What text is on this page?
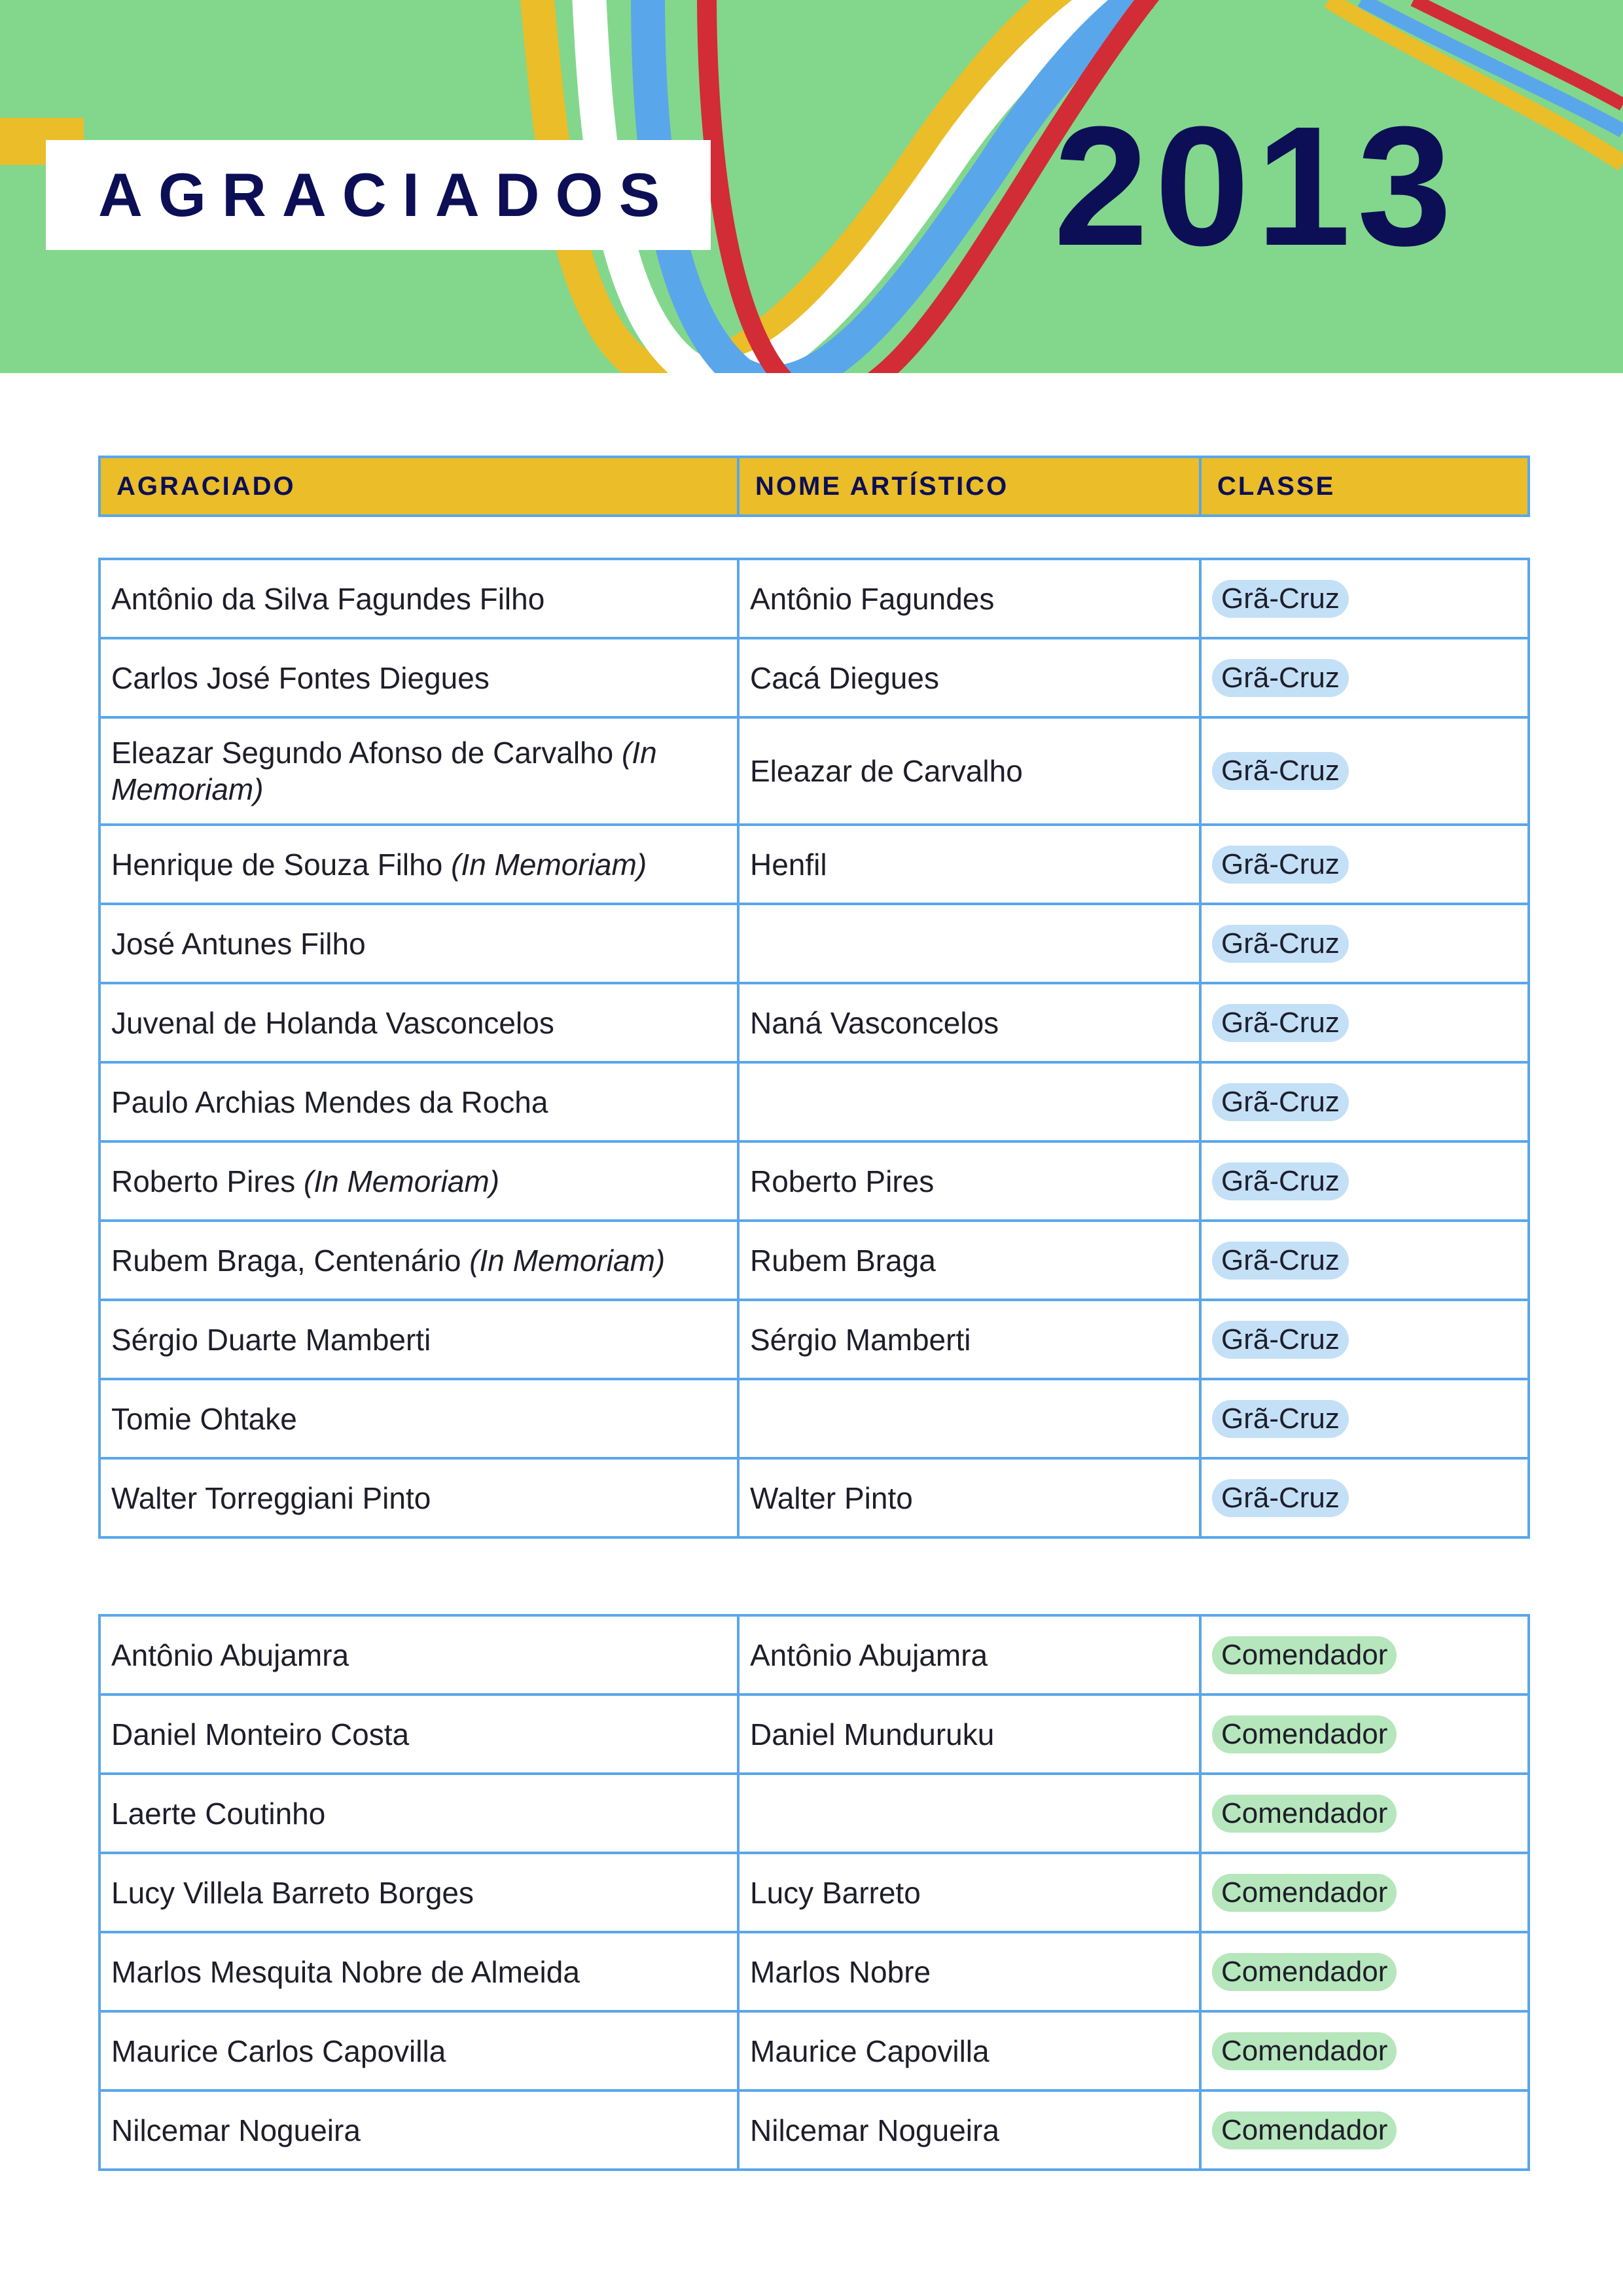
AGRACIADOS 2013
AGRACIADO	NOME ARTÍSTICO	CLASSE
Antônio da Silva Fagundes Filho	Antônio Fagundes	Grã-Cruz
Carlos José Fontes Diegues	Cacá Diegues	Grã-Cruz
Eleazar Segundo Afonso de Carvalho (In Memoriam)	Eleazar de Carvalho	Grã-Cruz
Henrique de Souza Filho (In Memoriam)	Henfil	Grã-Cruz
José Antunes Filho		Grã-Cruz
Juvenal de Holanda Vasconcelos	Naná Vasconcelos	Grã-Cruz
Paulo Archias Mendes da Rocha		Grã-Cruz
Roberto Pires (In Memoriam)	Roberto Pires	Grã-Cruz
Rubem Braga, Centenário (In Memoriam)	Rubem Braga	Grã-Cruz
Sérgio Duarte Mamberti	Sérgio Mamberti	Grã-Cruz
Tomie Ohtake		Grã-Cruz
Walter Torreggiani Pinto	Walter Pinto	Grã-Cruz
Antônio Abujamra	Antônio Abujamra	Comendador
Daniel Monteiro Costa	Daniel Munduruku	Comendador
Laerte Coutinho		Comendador
Lucy Villela Barreto Borges	Lucy Barreto	Comendador
Marlos Mesquita Nobre de Almeida	Marlos Nobre	Comendador
Maurice Carlos Capovilla	Maurice Capovilla	Comendador
Nilcemar Nogueira	Nilcemar Nogueira	Comendador
